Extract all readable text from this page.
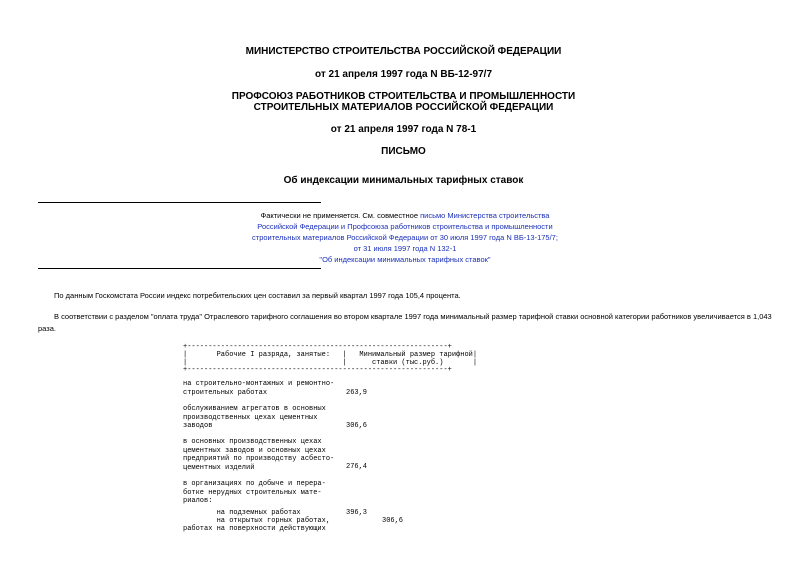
МИНИСТЕРСТВО СТРОИТЕЛЬСТВА РОССИЙСКОЙ ФЕДЕРАЦИИ
от 21 апреля 1997 года N ВБ-12-97/7
ПРОФСОЮЗ РАБОТНИКОВ СТРОИТЕЛЬСТВА И ПРОМЫШЛЕННОСТИ
СТРОИТЕЛЬНЫХ МАТЕРИАЛОВ РОССИЙСКОЙ ФЕДЕРАЦИИ
от 21 апреля 1997 года N 78-1
ПИСЬМО
Об индексации минимальных тарифных ставок
Фактически не применяется. См. совместное письмо Министерства строительства Российской Федерации и Профсоюза работников строительства и промышленности строительных материалов Российской Федерации от 30 июля 1997 года N ВБ-13-175/7; от 31 июля 1997 года N 132-1
"Об индексации минимальных тарифных ставок"
По данным Госкомстата России индекс потребительских цен составил за первый квартал 1997 года 105,4 процента.
В соответствии с разделом "оплата труда" Отраслевого тарифного соглашения во втором квартале 1997 года минимальный размер тарифной ставки основной категории работников увеличивается в 1,043 раза.
+--------------------------------------------------------------+
|       Рабочие I разряда, занятые:   |   Минимальный размер тарифной|
|                                     |      ставки (тыс.руб.)       |
+--------------------------------------------------------------+
на строительно-монтажных и ремонтно-
строительных работах	263,9
обслуживанием агрегатов в основных
производственных цехах цементных
заводов	306,6
в основных производственных цехах
цементных заводов и основных цехах
предприятий по производству асбесто-
цементных изделий	276,4
в организациях по добыче и перера-
ботке нерудных строительных мате-
риалов:
на подземных работах	396,3
на открытых горных работах,	306,6
работах на поверхности действующих
